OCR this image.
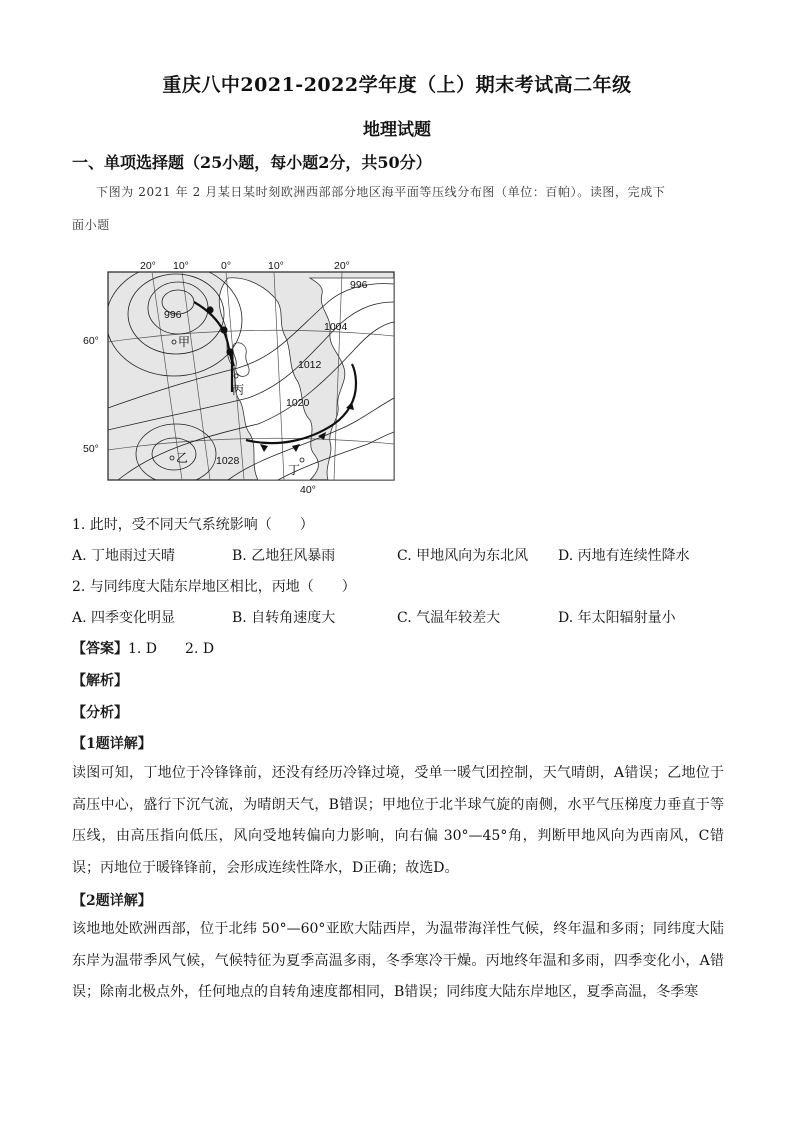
重庆八中2021-2022学年度（上）期末考试高二年级
地理试题
一、单项选择题（25小题，每小题2分，共50分）
下图为 2021 年 2 月某日某时刻欧洲西部部分地区海平面等压线分布图（单位：百帕）。读图，完成下
面小题
20° 10°	0°	10°	20°
60°
50°
40°
996
996
1004
1012
1020
1028
甲
乙
丙
丁
1. 此时，受不同天气系统影响（　　）
A. 丁地雨过天晴	B. 乙地狂风暴雨	C. 甲地风向为东北风 D. 丙地有连续性降水
2. 与同纬度大陆东岸地区相比，丙地（　　）
A. 四季变化明显	B. 自转角速度大	C. 气温年较差大	D. 年太阳辐射量小
【答案】1. D　　2. D
【解析】
【分析】
【1题详解】
读图可知，丁地位于冷锋锋前，还没有经历冷锋过境，受单一暖气团控制，天气晴朗，A错误；乙地位于高压中心，盛行下沉气流，为晴朗天气，B错误；甲地位于北半球气旋的南侧，水平气压梯度力垂直于等压线，由高压指向低压，风向受地转偏向力影响，向右偏 30°—45°角，判断甲地风向为西南风，C错误；丙地位于暖锋锋前，会形成连续性降水，D正确；故选D。
【2题详解】
该地地处欧洲西部，位于北纬 50°—60°亚欧大陆西岸，为温带海洋性气候，终年温和多雨；同纬度大陆东岸为温带季风气候，气候特征为夏季高温多雨，冬季寒冷干燥。丙地终年温和多雨，四季变化小，A错误；除南北极点外，任何地点的自转角速度都相同，B错误；同纬度大陆东岸地区，夏季高温，冬季寒
